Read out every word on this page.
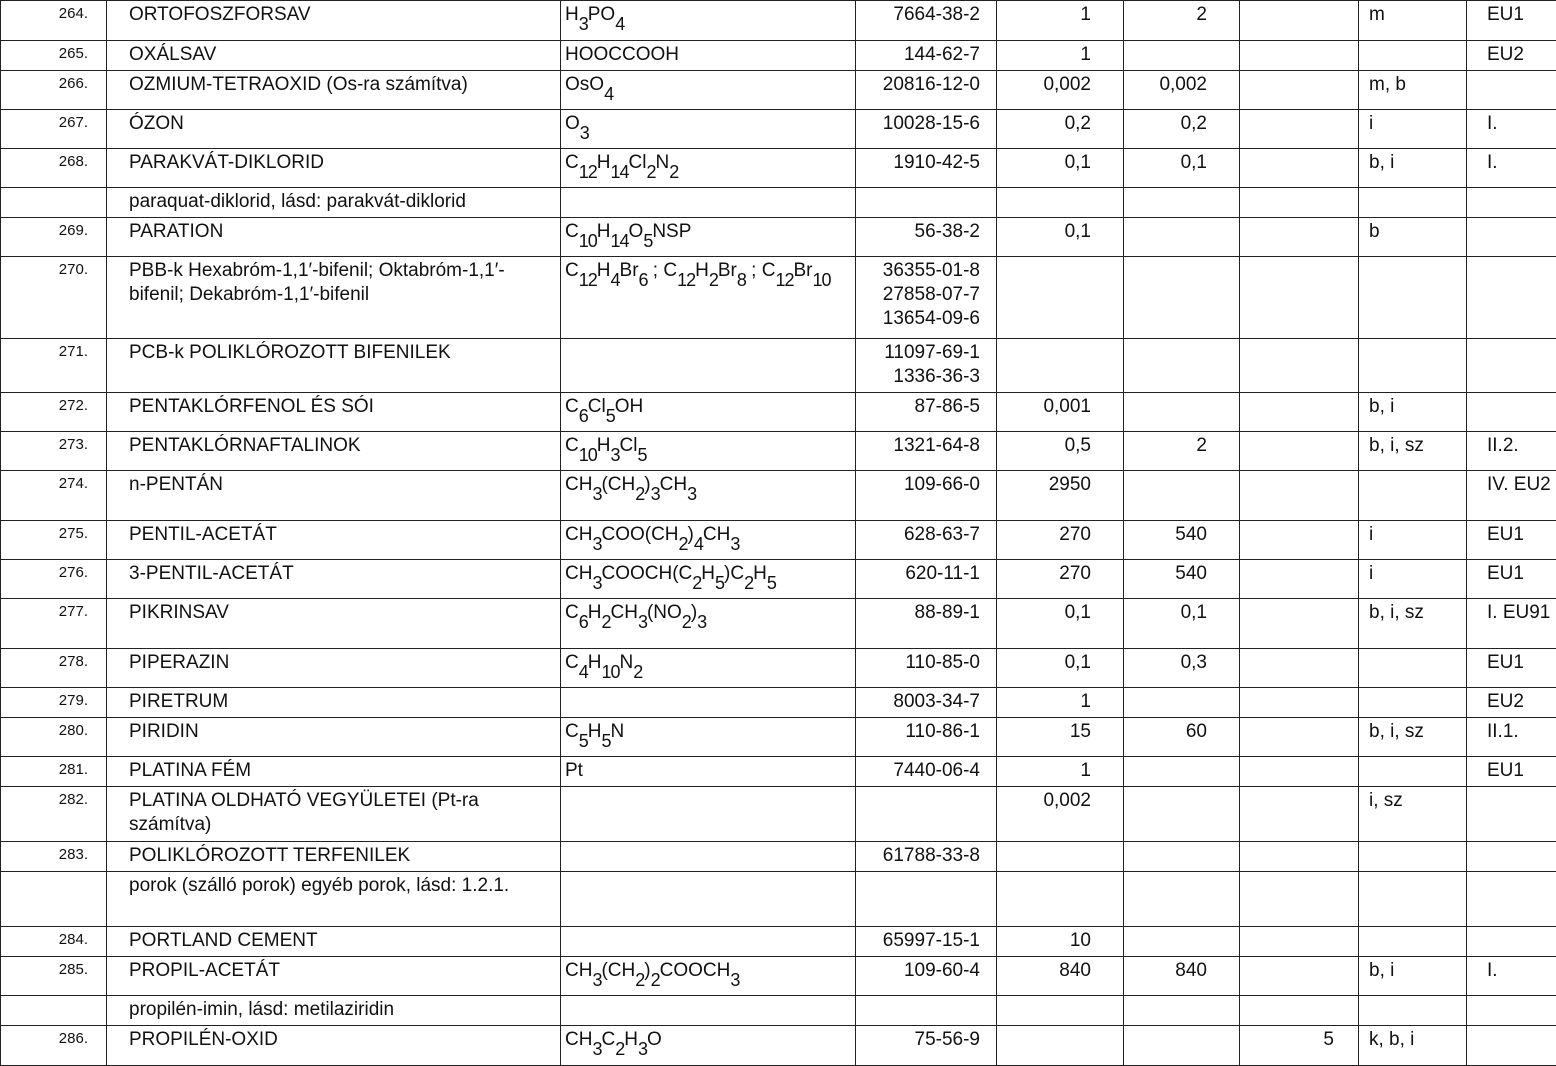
264.	ORTOFOSZFORSAV	$H_3PO_4$	7664-38-2	1	2		m	EU1
265.	OXÁLSAV	HOOCCOOH	144-62-7	1				EU2
266.	OZMIUM-TETRAOXID (Os-ra számítva)	OsO$_4$	20816-12-0	0,002	0,002		m, b	
267.	ÓZON	$O_3$	10028-15-6	0,2	0,2		i	I.
268.	PARAKVÁT-DIKLORID	$C_{12}H_{14}Cl_2N_2$	1910-42-5	0,1	0,1		b, i	I.
	paraquat-diklorid, lásd: parakvát-diklorid							
269.	PARATION	$C_{10}H_{14}O_5NSP$	56-38-2	0,1			b	
270.	PBB-k Hexabróm-1,1′-bifenil; Oktabróm-1,1′-bifenil; Dekabróm-1,1′-bifenil	$C_{12}H_4Br_6$ ; $C_{12}H_2Br_8$ ; $C_{12}Br_{10}$	36355-01-8 27858-07-7 13654-09-6					
271.	PCB-k POLIKLÓROZOTT BIFENILEK		11097-69-1 1336-36-3					
272.	PENTAKLÓRFENOL ÉS SÓI	$C_6Cl_5OH$	87-86-5	0,001			b, i	
273.	PENTAKLÓRNAFTALINOK	$C_{10}H_3Cl_5$	1321-64-8	0,5	2		b, i, sz	II.2.
274.	n-PENTÁN	$CH_3(CH_2)_3CH_3$	109-66-0	2950				IV. EU2
275.	PENTIL-ACETÁT	$CH_3COO(CH_2)_4CH_3$	628-63-7	270	540		i	EU1
276.	3-PENTIL-ACETÁT	$CH_3COOCH(C_2H_5)C_2H_5$	620-11-1	270	540		i	EU1
277.	PIKRINSAV	$C_6H_2CH_3(NO_2)_3$	88-89-1	0,1	0,1		b, i, sz	I. EU91
278.	PIPERAZIN	$C_4H_{10}N_2$	110-85-0	0,1	0,3			EU1
279.	PIRETRUM		8003-34-7	1				EU2
280.	PIRIDIN	$C_5H_5N$	110-86-1	15	60		b, i, sz	II.1.
281.	PLATINA FÉM	Pt	7440-06-4	1				EU1
282.	PLATINA OLDHATÓ VEGYÜLETEI (Pt-ra számítva)			0,002			i, sz	
283.	POLIKLÓROZOTT TERFENILEK		61788-33-8					
	porok (szálló porok) egyéb porok, lásd: 1.2.1.							
284.	PORTLAND CEMENT		65997-15-1	10				
285.	PROPIL-ACETÁT	$CH_3(CH_2)_2COOCH_3$	109-60-4	840	840		b, i	I.
	propilén-imin, lásd: metilaziridin							
286.	PROPILÉN-OXID	$CH_3C_2H_3O$	75-56-9			5	k, b, i	
